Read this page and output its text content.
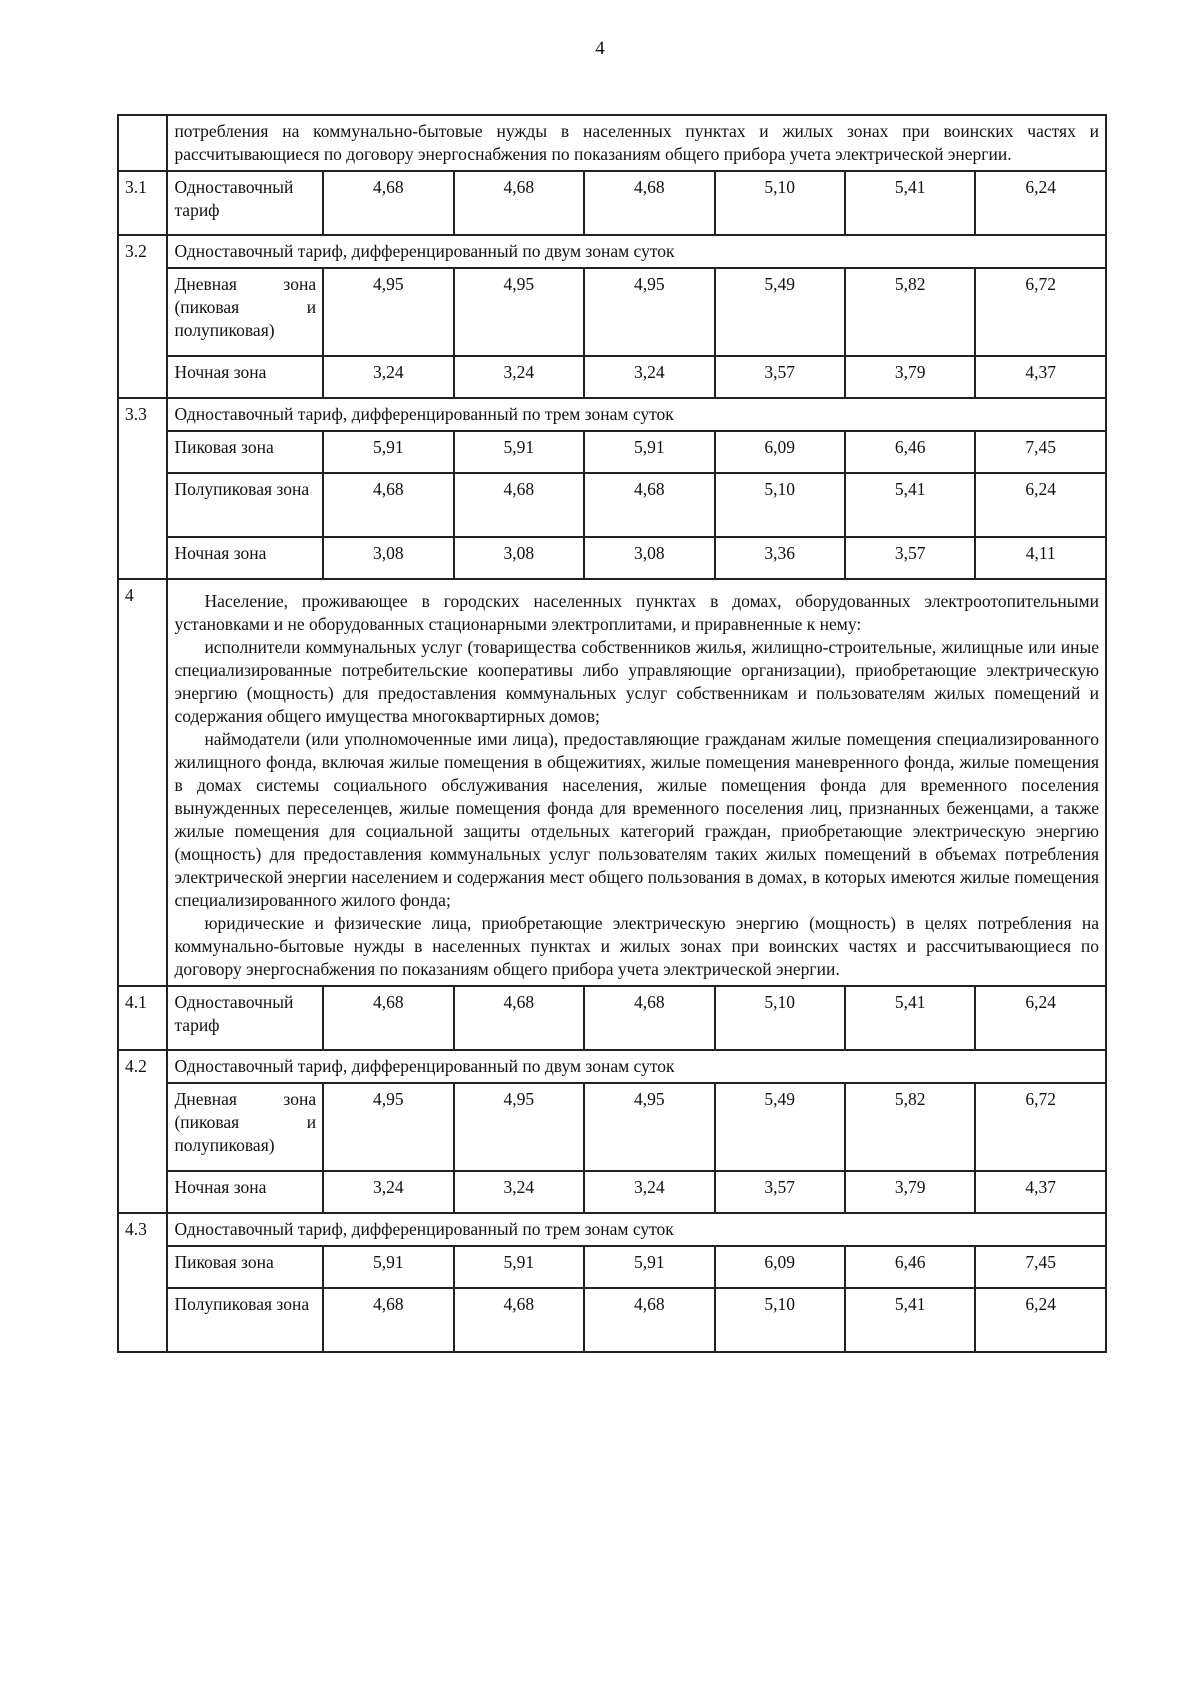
4

	потребления на коммунально-бытовые нужды в населенных пунктах и жилых зонах при воинских частях и рассчитывающиеся по договору энергоснабжения по показаниям общего прибора учета электрической энергии.						

3.1	Одноставочный тариф	4,68	4,68	4,68	5,10	5,41	6,24
3.2	Одноставочный тариф, дифференцированный по двум зонам суток						
	Дневная зона (пиковая и полупиковая)	4,95	4,95	4,95	5,49	5,82	6,72
	Ночная зона	3,24	3,24	3,24	3,57	3,79	4,37
3.3	Одноставочный тариф, дифференцированный по трем зонам суток						
	Пиковая зона	5,91	5,91	5,91	6,09	6,46	7,45
	Полупиковая зона	4,68	4,68	4,68	5,10	5,41	6,24
	Ночная зона	3,08	3,08	3,08	3,36	3,57	4,11
4	Население, проживающее в городских населенных пунктах в домах, оборудованных электроотопительными установками и не оборудованных стационарными электроплитами, и приравненные к нему:

исполнители коммунальных услуг (товарищества собственников жилья, жилищно-строительные, жилищные или иные специализированные потребительские кооперативы либо управляющие организации), приобретающие электрическую энергию (мощность) для предоставления коммунальных услуг собственникам и пользователям жилых помещений и содержания общего имущества многоквартирных домов;

наймодатели (или уполномоченные ими лица), предоставляющие гражданам жилые помещения специализированного жилищного фонда, включая жилые помещения в общежитиях, жилые помещения маневренного фонда, жилые помещения в домах системы социального обслуживания населения, жилые помещения фонда для временного поселения вынужденных переселенцев, жилые помещения фонда для временного поселения лиц, признанных беженцами, а также жилые помещения для социальной защиты отдельных категорий граждан, приобретающие электрическую энергию (мощность) для предоставления коммунальных услуг пользователям таких жилых помещений в объемах потребления электрической энергии населением и содержания мест общего пользования в домах, в которых имеются жилые помещения специализированного жилого фонда;

юридические и физические лица, приобретающие электрическую энергию (мощность) в целях потребления на коммунально-бытовые нужды в населенных пунктах и жилых зонах при воинских частях и рассчитывающиеся по договору энергоснабжения по показаниям общего прибора учета электрической энергии.						

4.1	Одноставочный тариф	4,68	4,68	4,68	5,10	5,41	6,24
4.2	Одноставочный тариф, дифференцированный по двум зонам суток						
	Дневная зона (пиковая и полупиковая)	4,95	4,95	4,95	5,49	5,82	6,72
	Ночная зона	3,24	3,24	3,24	3,57	3,79	4,37
4.3	Одноставочный тариф, дифференцированный по трем зонам суток						
	Пиковая зона	5,91	5,91	5,91	6,09	6,46	7,45
	Полупиковая зона	4,68	4,68	4,68	5,10	5,41	6,24
